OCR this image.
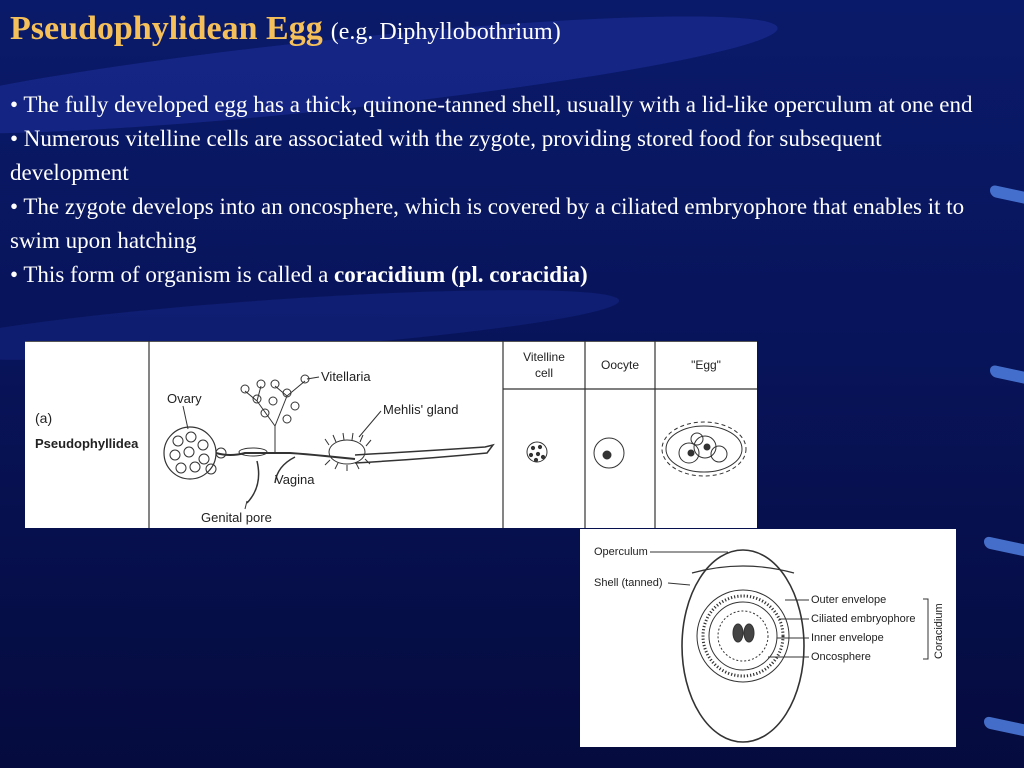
Pseudophylidean Egg (e.g. Diphyllobothrium)

• The fully developed egg has a thick, quinone-tanned shell, usually with a lid-like operculum at one end

• Numerous vitelline cells are associated with the zygote, providing stored food for subsequent development

• The zygote develops into an oncosphere, which is covered by a ciliated embryophore that enables it to swim upon hatching

• This form of organism is called a coracidium (pl. coracidia)

(a)
Pseudophyllidea
Ovary
Vitellaria
Mehlis' gland
Vagina
Genital pore
Vitelline
cell
Oocyte	"Egg"
Operculum
Shell (tanned)
Outer envelope
Ciliated embryophore
Inner envelope
Oncosphere	Coracidium
